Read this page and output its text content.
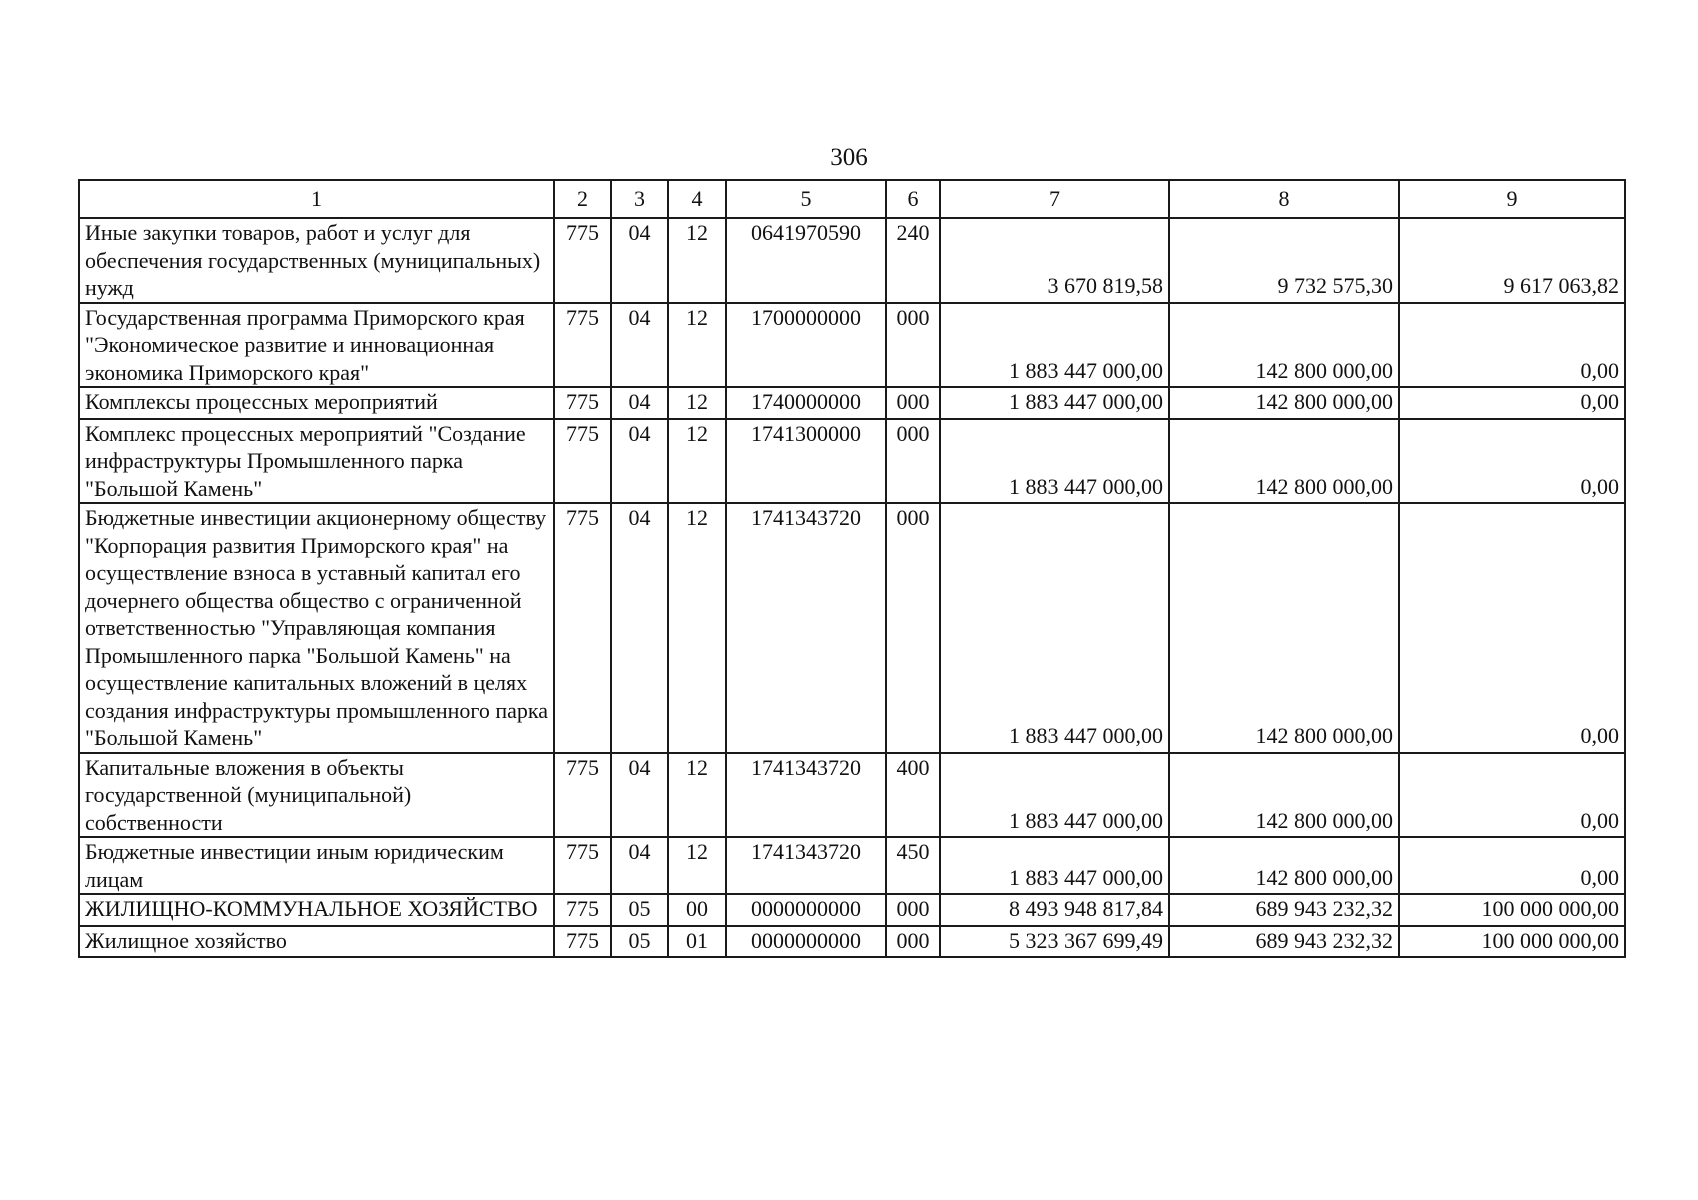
306
1	2	3	4	5	6	7	8	9
Иные закупки товаров, работ и услуг для обеспечения государственных (муниципальных) нужд	775	04	12	0641970590	240	3 670 819,58	9 732 575,30	9 617 063,82
Государственная программа Приморского края "Экономическое развитие и инновационная экономика Приморского края"	775	04	12	1700000000	000	1 883 447 000,00	142 800 000,00	0,00
Комплексы процессных мероприятий	775	04	12	1740000000	000	1 883 447 000,00	142 800 000,00	0,00
Комплекс процессных мероприятий "Создание инфраструктуры Промышленного парка "Большой Камень"	775	04	12	1741300000	000	1 883 447 000,00	142 800 000,00	0,00
Бюджетные инвестиции акционерному обществу "Корпорация развития Приморского края" на осуществление взноса в уставный капитал его дочернего общества общество с ограниченной ответственностью "Управляющая компания Промышленного парка "Большой Камень" на осуществление капитальных вложений в целях создания инфраструктуры промышленного парка "Большой Камень"	775	04	12	1741343720	000	1 883 447 000,00	142 800 000,00	0,00
Капитальные вложения в объекты государственной (муниципальной) собственности	775	04	12	1741343720	400	1 883 447 000,00	142 800 000,00	0,00
Бюджетные инвестиции иным юридическим лицам	775	04	12	1741343720	450	1 883 447 000,00	142 800 000,00	0,00
ЖИЛИЩНО-КОММУНАЛЬНОЕ ХОЗЯЙСТВО	775	05	00	0000000000	000	8 493 948 817,84	689 943 232,32	100 000 000,00
Жилищное хозяйство	775	05	01	0000000000	000	5 323 367 699,49	689 943 232,32	100 000 000,00
